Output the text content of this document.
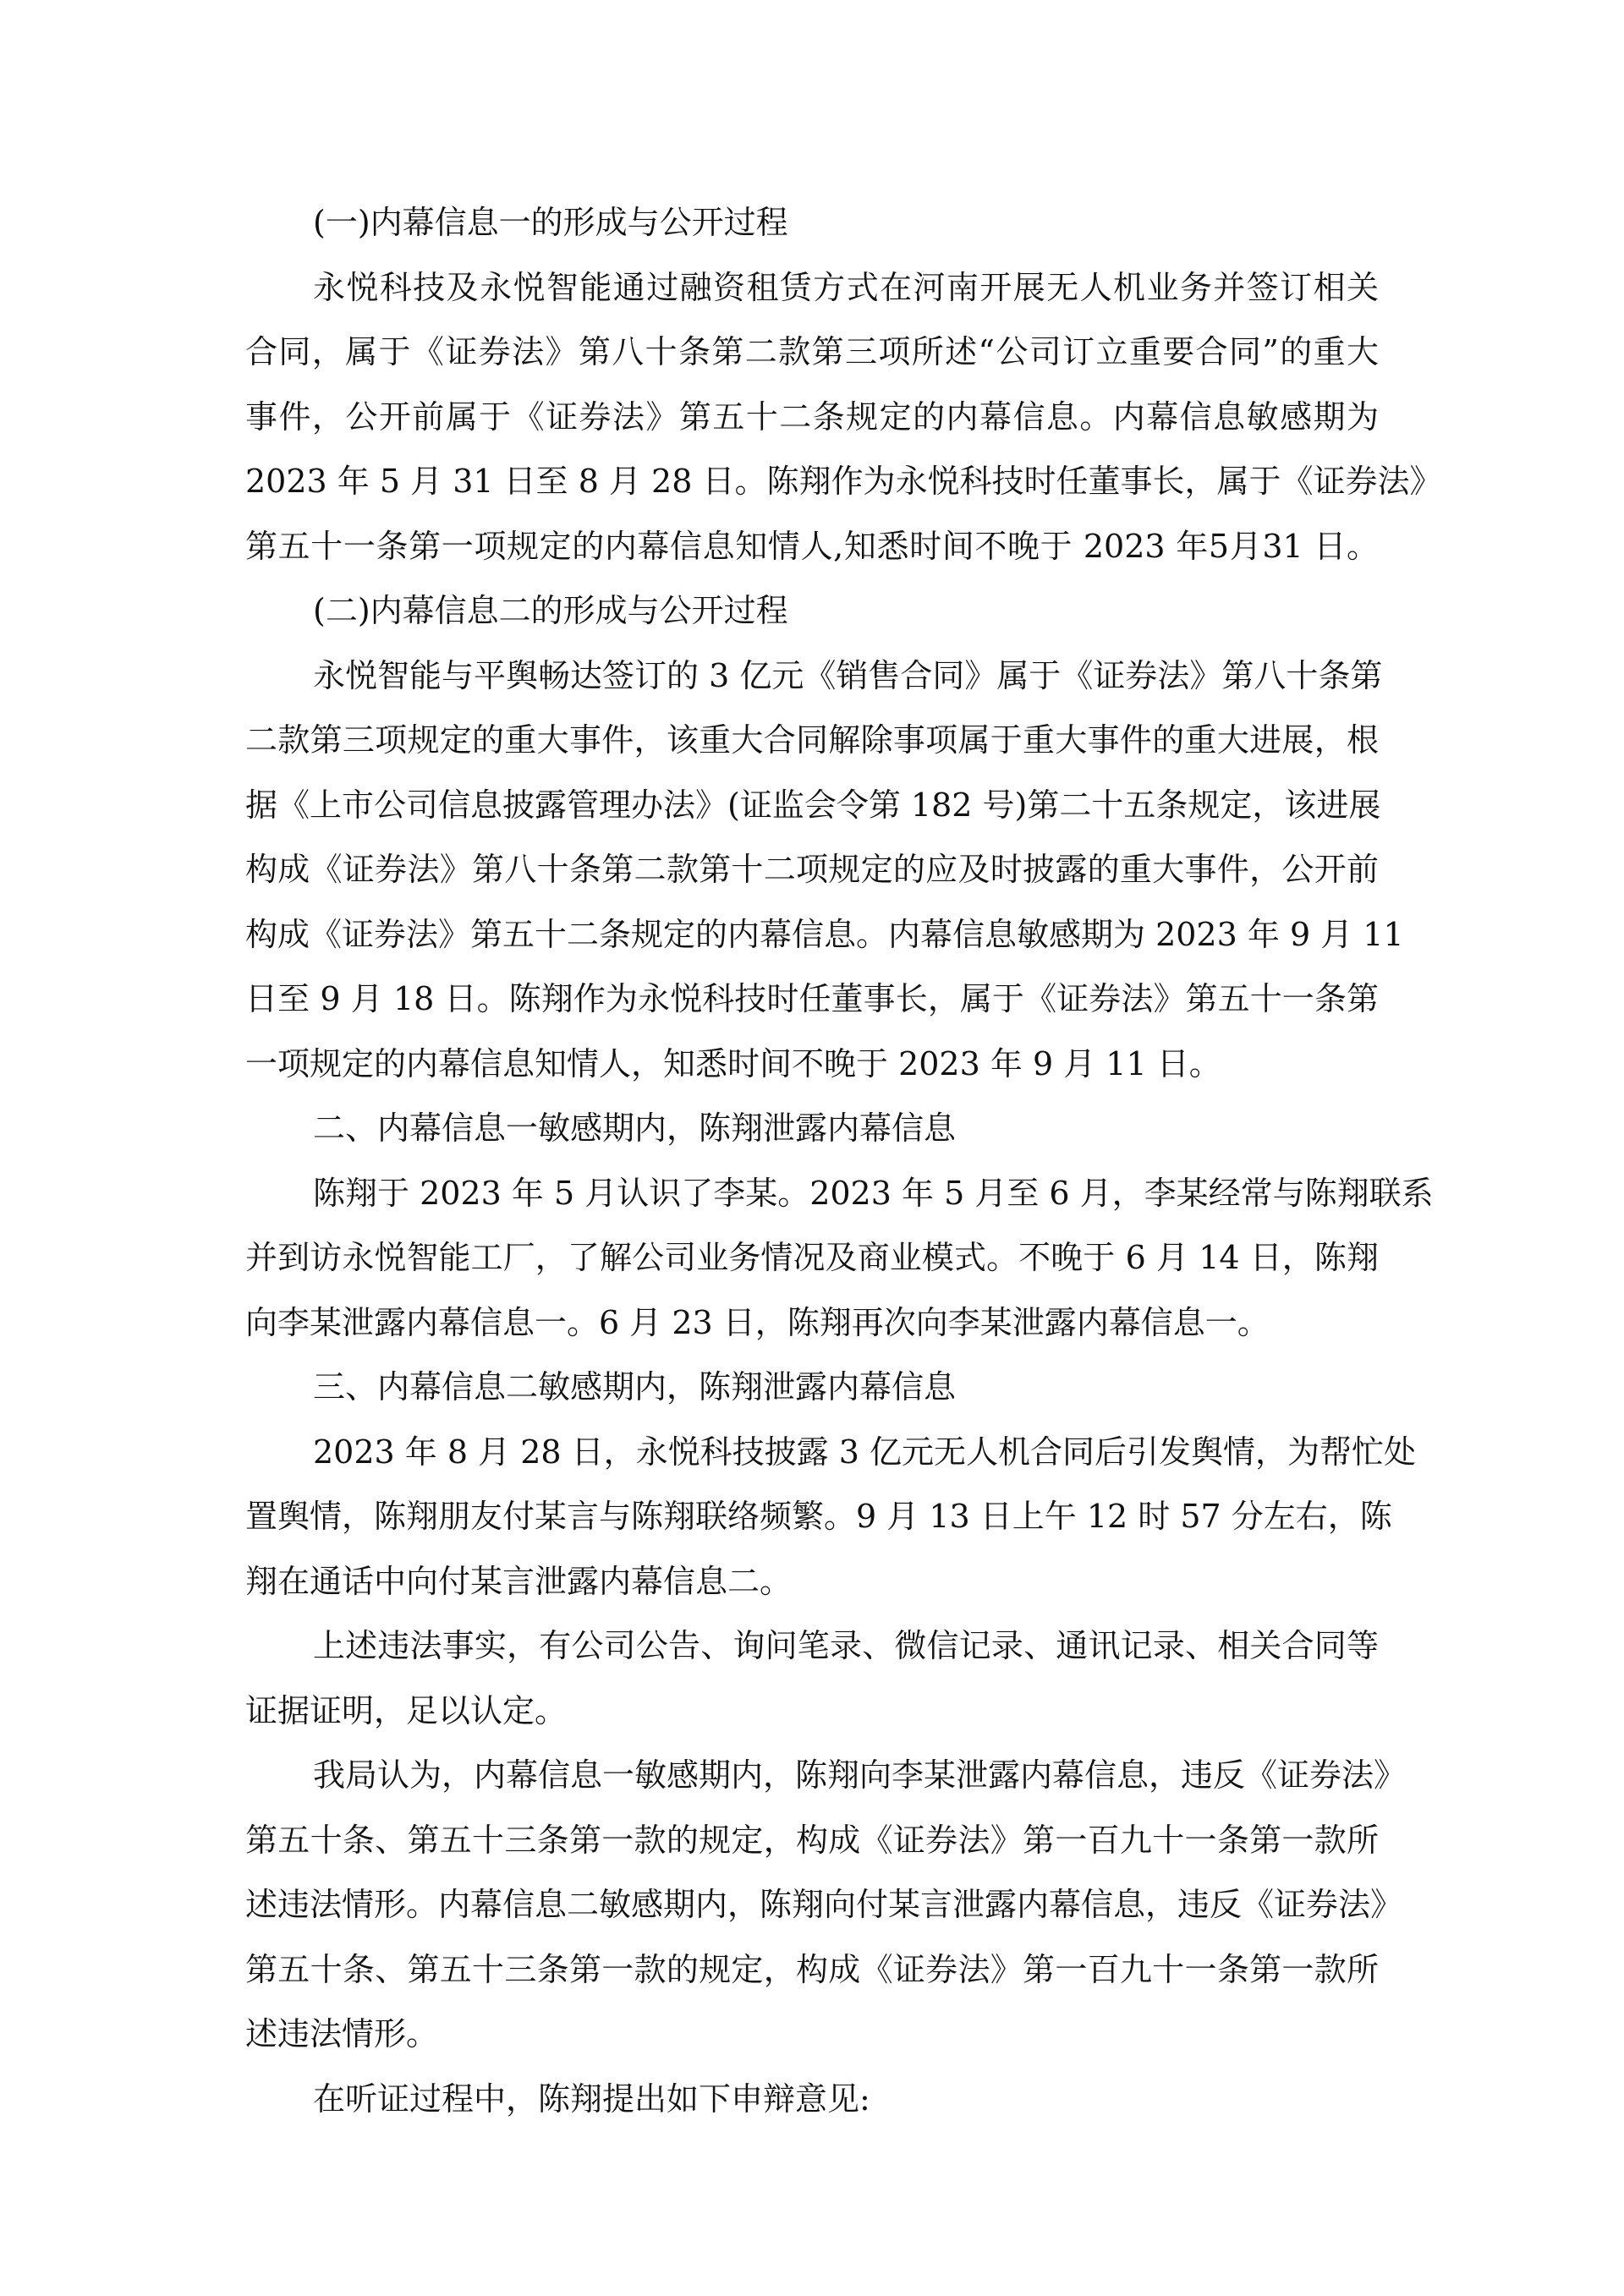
(一)内幕信息一的形成与公开过程
永悦科技及永悦智能通过融资租赁方式在河南开展无人机业务并签订相关
合同，属于《证券法》第八十条第二款第三项所述“公司订立重要合同”的重大
事件，公开前属于《证券法》第五十二条规定的内幕信息。内幕信息敏感期为
2023 年 5 月 31 日至 8 月 28 日。陈翔作为永悦科技时任董事长，属于《证券法》
第五十一条第一项规定的内幕信息知情人,知悉时间不晚于 2023 年5月31 日。
(二)内幕信息二的形成与公开过程
永悦智能与平舆畅达签订的 3 亿元《销售合同》属于《证券法》第八十条第
二款第三项规定的重大事件，该重大合同解除事项属于重大事件的重大进展，根
据《上市公司信息披露管理办法》(证监会令第 182 号)第二十五条规定，该进展
构成《证券法》第八十条第二款第十二项规定的应及时披露的重大事件，公开前
构成《证券法》第五十二条规定的内幕信息。内幕信息敏感期为 2023 年 9 月 11
日至 9 月 18 日。陈翔作为永悦科技时任董事长，属于《证券法》第五十一条第
一项规定的内幕信息知情人，知悉时间不晚于 2023 年 9 月 11 日。
二、内幕信息一敏感期内，陈翔泄露内幕信息
陈翔于 2023 年 5 月认识了李某。2023 年 5 月至 6 月，李某经常与陈翔联系
并到访永悦智能工厂，了解公司业务情况及商业模式。不晚于 6 月 14 日，陈翔
向李某泄露内幕信息一。6 月 23 日，陈翔再次向李某泄露内幕信息一。
三、内幕信息二敏感期内，陈翔泄露内幕信息
2023 年 8 月 28 日，永悦科技披露 3 亿元无人机合同后引发舆情，为帮忙处
置舆情，陈翔朋友付某言与陈翔联络频繁。9 月 13 日上午 12 时 57 分左右，陈
翔在通话中向付某言泄露内幕信息二。
上述违法事实，有公司公告、询问笔录、微信记录、通讯记录、相关合同等
证据证明，足以认定。
我局认为，内幕信息一敏感期内，陈翔向李某泄露内幕信息，违反《证券法》
第五十条、第五十三条第一款的规定，构成《证券法》第一百九十一条第一款所
述违法情形。内幕信息二敏感期内，陈翔向付某言泄露内幕信息，违反《证券法》
第五十条、第五十三条第一款的规定，构成《证券法》第一百九十一条第一款所
述违法情形。
在听证过程中，陈翔提出如下申辩意见:
